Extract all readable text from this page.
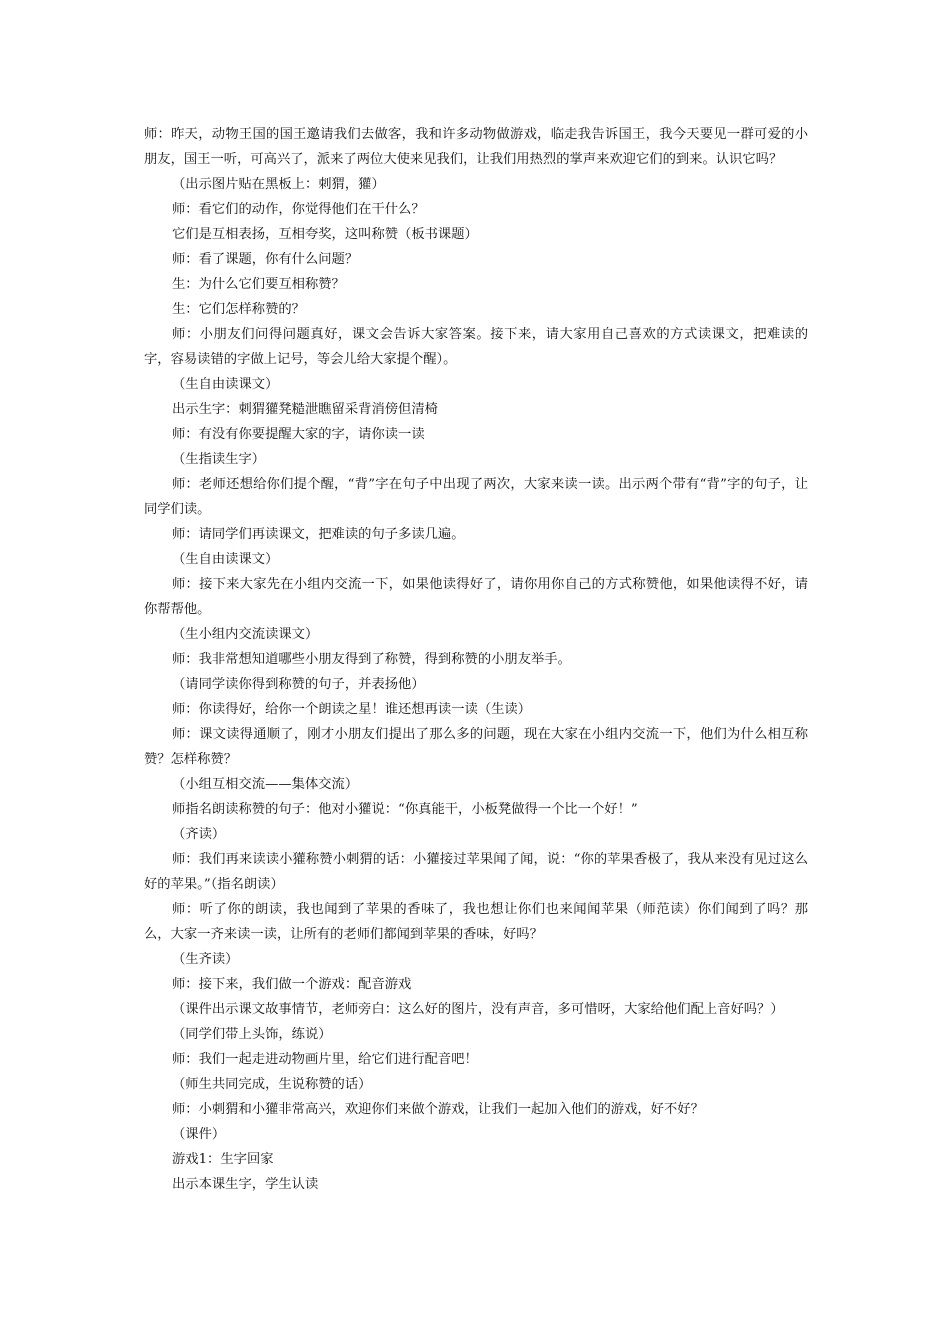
师：昨天，动物王国的国王邀请我们去做客，我和许多动物做游戏，临走我告诉国王，我今天要见一群可爱的小朋友，国王一听，可高兴了，派来了两位大使来见我们，让我们用热烈的掌声来欢迎它们的到来。认识它吗？

（出示图片贴在黑板上：刺猬，獾）

师：看它们的动作，你觉得他们在干什么？

它们是互相表扬，互相夸奖，这叫称赞（板书课题）

师：看了课题，你有什么问题？

生：为什么它们要互相称赞？

生：它们怎样称赞的？

师：小朋友们问得问题真好，课文会告诉大家答案。接下来，请大家用自己喜欢的方式读课文，把难读的字，容易读错的字做上记号，等会儿给大家提个醒）。

（生自由读课文）

出示生字：刺猬獾凳糙泄瞧留采背消傍但清椅

师：有没有你要提醒大家的字，请你读一读

（生指读生字）

师：老师还想给你们提个醒，“背”字在句子中出现了两次，大家来读一读。出示两个带有“背”字的句子，让同学们读。

师：请同学们再读课文，把难读的句子多读几遍。

（生自由读课文）

师：接下来大家先在小组内交流一下，如果他读得好了，请你用你自己的方式称赞他，如果他读得不好，请你帮帮他。

（生小组内交流读课文）

师：我非常想知道哪些小朋友得到了称赞，得到称赞的小朋友举手。

（请同学读你得到称赞的句子，并表扬他）

师：你读得好，给你一个朗读之星！谁还想再读一读（生读）

师：课文读得通顺了，刚才小朋友们提出了那么多的问题，现在大家在小组内交流一下，他们为什么相互称赞？怎样称赞？

（小组互相交流——集体交流）

师指名朗读称赞的句子：他对小獾说：“你真能干，小板凳做得一个比一个好！”

（齐读）

师：我们再来读读小獾称赞小刺猬的话：小獾接过苹果闻了闻，说：“你的苹果香极了，我从来没有见过这么好的苹果。”（指名朗读）

师：听了你的朗读，我也闻到了苹果的香味了，我也想让你们也来闻闻苹果（师范读）你们闻到了吗？那么，大家一齐来读一读，让所有的老师们都闻到苹果的香味，好吗？

（生齐读）

师：接下来，我们做一个游戏：配音游戏

（课件出示课文故事情节，老师旁白：这么好的图片，没有声音，多可惜呀，大家给他们配上音好吗？）

（同学们带上头饰，练说）

师：我们一起走进动物画片里，给它们进行配音吧！

（师生共同完成，生说称赞的话）

师：小刺猬和小獾非常高兴，欢迎你们来做个游戏，让我们一起加入他们的游戏，好不好？

（课件）

游戏1：生字回家

出示本课生字，学生认读
